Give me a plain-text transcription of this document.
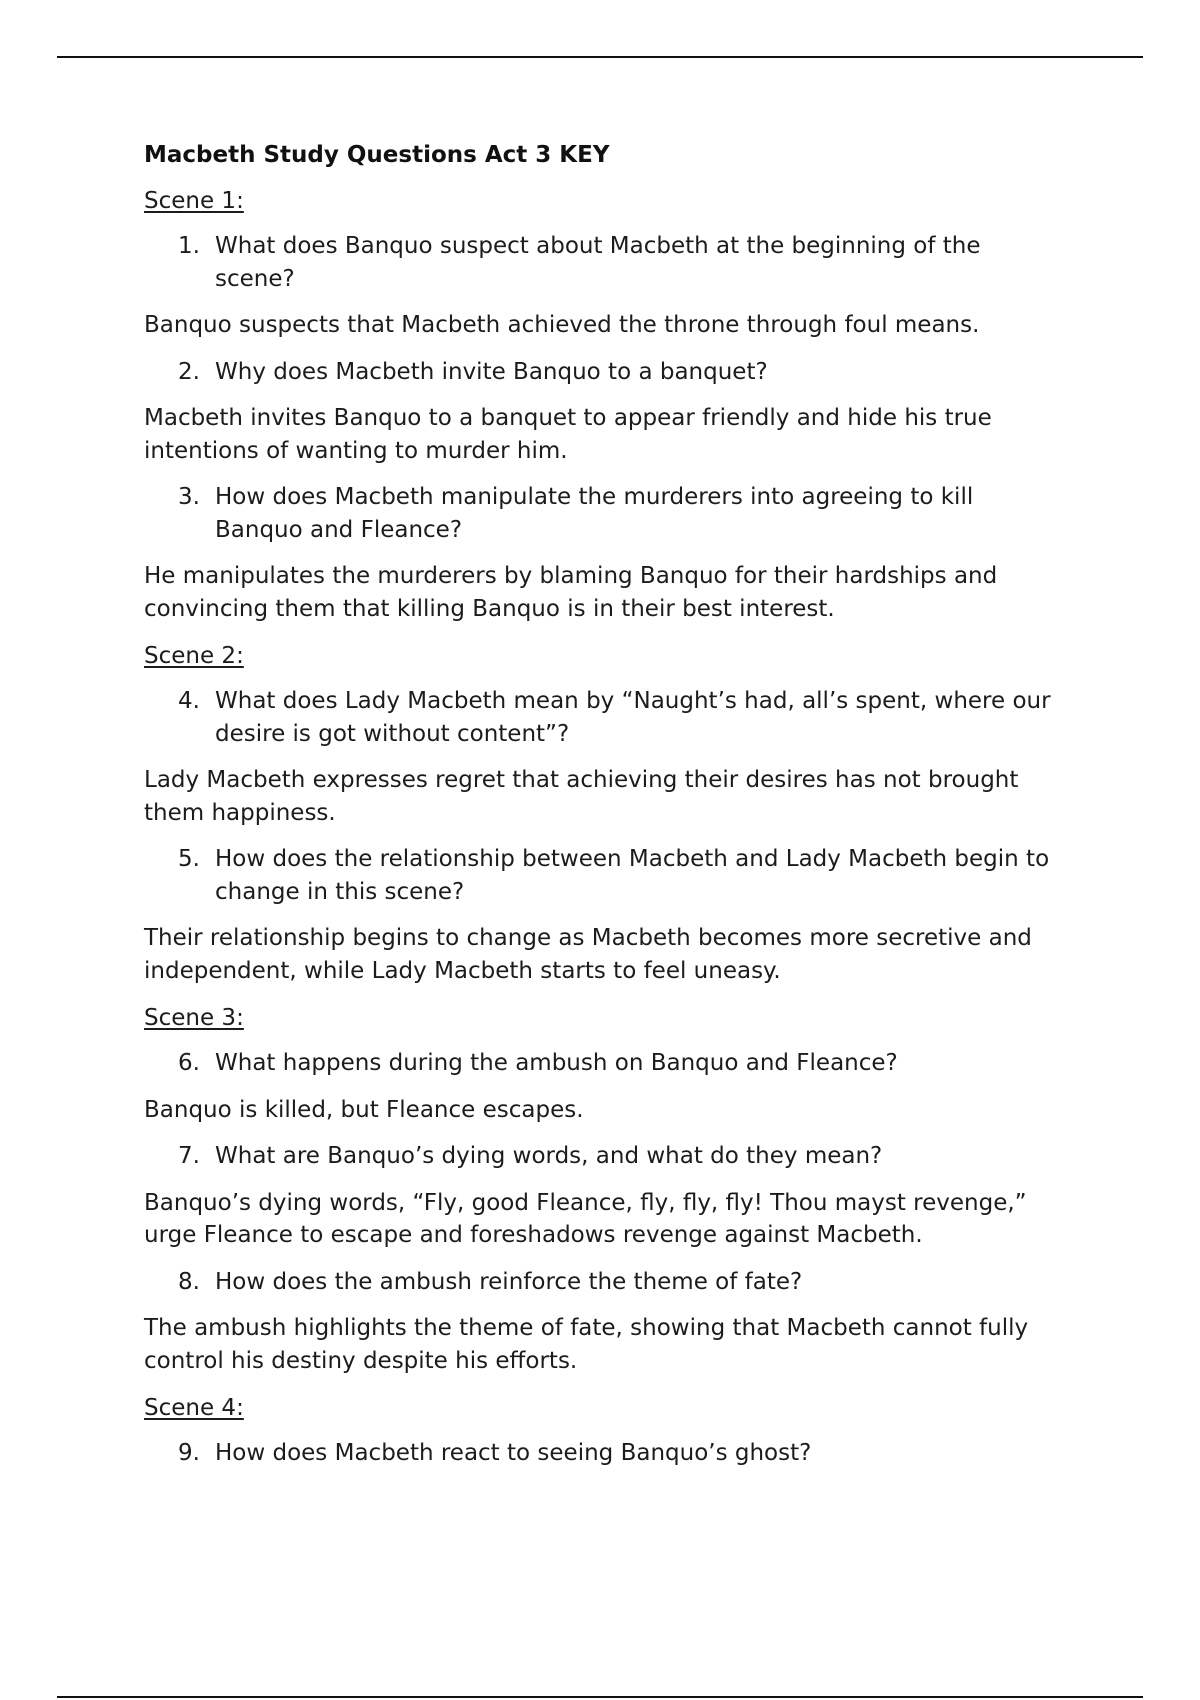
Macbeth Study Questions Act 3 KEY
Scene 1:
1. What does Banquo suspect about Macbeth at the beginning of the scene?
Banquo suspects that Macbeth achieved the throne through foul means.
2. Why does Macbeth invite Banquo to a banquet?
Macbeth invites Banquo to a banquet to appear friendly and hide his true intentions of wanting to murder him.
3. How does Macbeth manipulate the murderers into agreeing to kill Banquo and Fleance?
He manipulates the murderers by blaming Banquo for their hardships and convincing them that killing Banquo is in their best interest.
Scene 2:
4. What does Lady Macbeth mean by “Naught’s had, all’s spent, where our desire is got without content”?
Lady Macbeth expresses regret that achieving their desires has not brought them happiness.
5. How does the relationship between Macbeth and Lady Macbeth begin to change in this scene?
Their relationship begins to change as Macbeth becomes more secretive and independent, while Lady Macbeth starts to feel uneasy.
Scene 3:
6. What happens during the ambush on Banquo and Fleance?
Banquo is killed, but Fleance escapes.
7. What are Banquo’s dying words, and what do they mean?
Banquo’s dying words, “Fly, good Fleance, fly, fly, fly! Thou mayst revenge,” urge Fleance to escape and foreshadows revenge against Macbeth.
8. How does the ambush reinforce the theme of fate?
The ambush highlights the theme of fate, showing that Macbeth cannot fully control his destiny despite his efforts.
Scene 4:
9. How does Macbeth react to seeing Banquo’s ghost?
